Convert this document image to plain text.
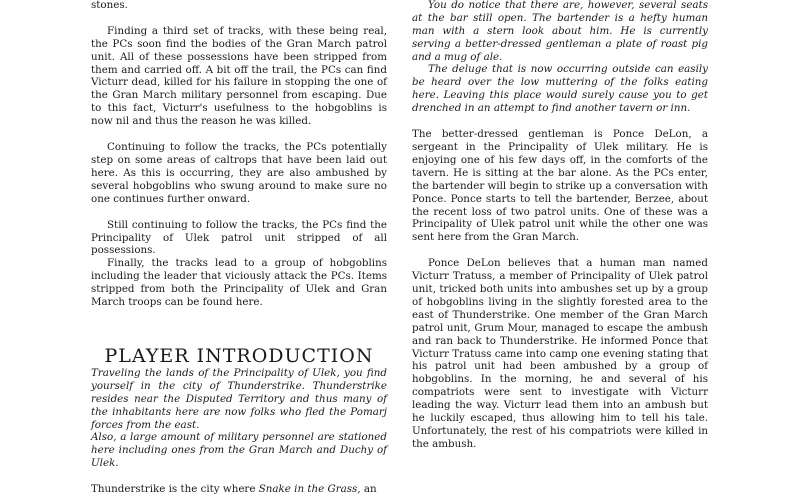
stones.

Finding a third set of tracks, with these being real, the PCs soon find the bodies of the Gran March patrol unit. All of these possessions have been stripped from them and carried off. A bit off the trail, the PCs can find Victurr dead, killed for his failure in stopping the one of the Gran March military personnel from escaping. Due to this fact, Victurr's usefulness to the hobgoblins is now nil and thus the reason he was killed.

Continuing to follow the tracks, the PCs potentially step on some areas of caltrops that have been laid out here. As this is occurring, they are also ambushed by several hobgoblins who swung around to make sure no one continues further onward.

Still continuing to follow the tracks, the PCs find the Principality of Ulek patrol unit stripped of all possessions.

Finally, the tracks lead to a group of hobgoblins including the leader that viciously attack the PCs. Items stripped from both the Principality of Ulek and Gran March troops can be found here.

PLAYER INTRODUCTION

Traveling the lands of the Principality of Ulek, you find yourself in the city of Thunderstrike. Thunderstrike resides near the Disputed Territory and thus many of the inhabitants here are now folks who fled the Pomarj forces from the east.

Also, a large amount of military personnel are stationed here including ones from the Gran March and Duchy of Ulek.

Thunderstrike is the city where Snake in the Grass, an

You do notice that there are, however, several seats at the bar still open. The bartender is a hefty human man with a stern look about him. He is currently serving a better-dressed gentleman a plate of roast pig and a mug of ale.

The deluge that is now occurring outside can easily be heard over the low muttering of the folks eating here. Leaving this place would surely cause you to get drenched in an attempt to find another tavern or inn.

The better-dressed gentleman is Ponce DeLon, a sergeant in the Principality of Ulek military. He is enjoying one of his few days off, in the comforts of the tavern. He is sitting at the bar alone. As the PCs enter, the bartender will begin to strike up a conversation with Ponce. Ponce starts to tell the bartender, Berzee, about the recent loss of two patrol units. One of these was a Principality of Ulek patrol unit while the other one was sent here from the Gran March.

Ponce DeLon believes that a human man named Victurr Tratuss, a member of Principality of Ulek patrol unit, tricked both units into ambushes set up by a group of hobgoblins living in the slightly forested area to the east of Thunderstrike. One member of the Gran March patrol unit, Grum Mour, managed to escape the ambush and ran back to Thunderstrike. He informed Ponce that Victurr Tratuss came into camp one evening stating that his patrol unit had been ambushed by a group of hobgoblins. In the morning, he and several of his compatriots were sent to investigate with Victurr leading the way. Victurr lead them into an ambush but he luckily escaped, thus allowing him to tell his tale. Unfortunately, the rest of his compatriots were killed in the ambush.
